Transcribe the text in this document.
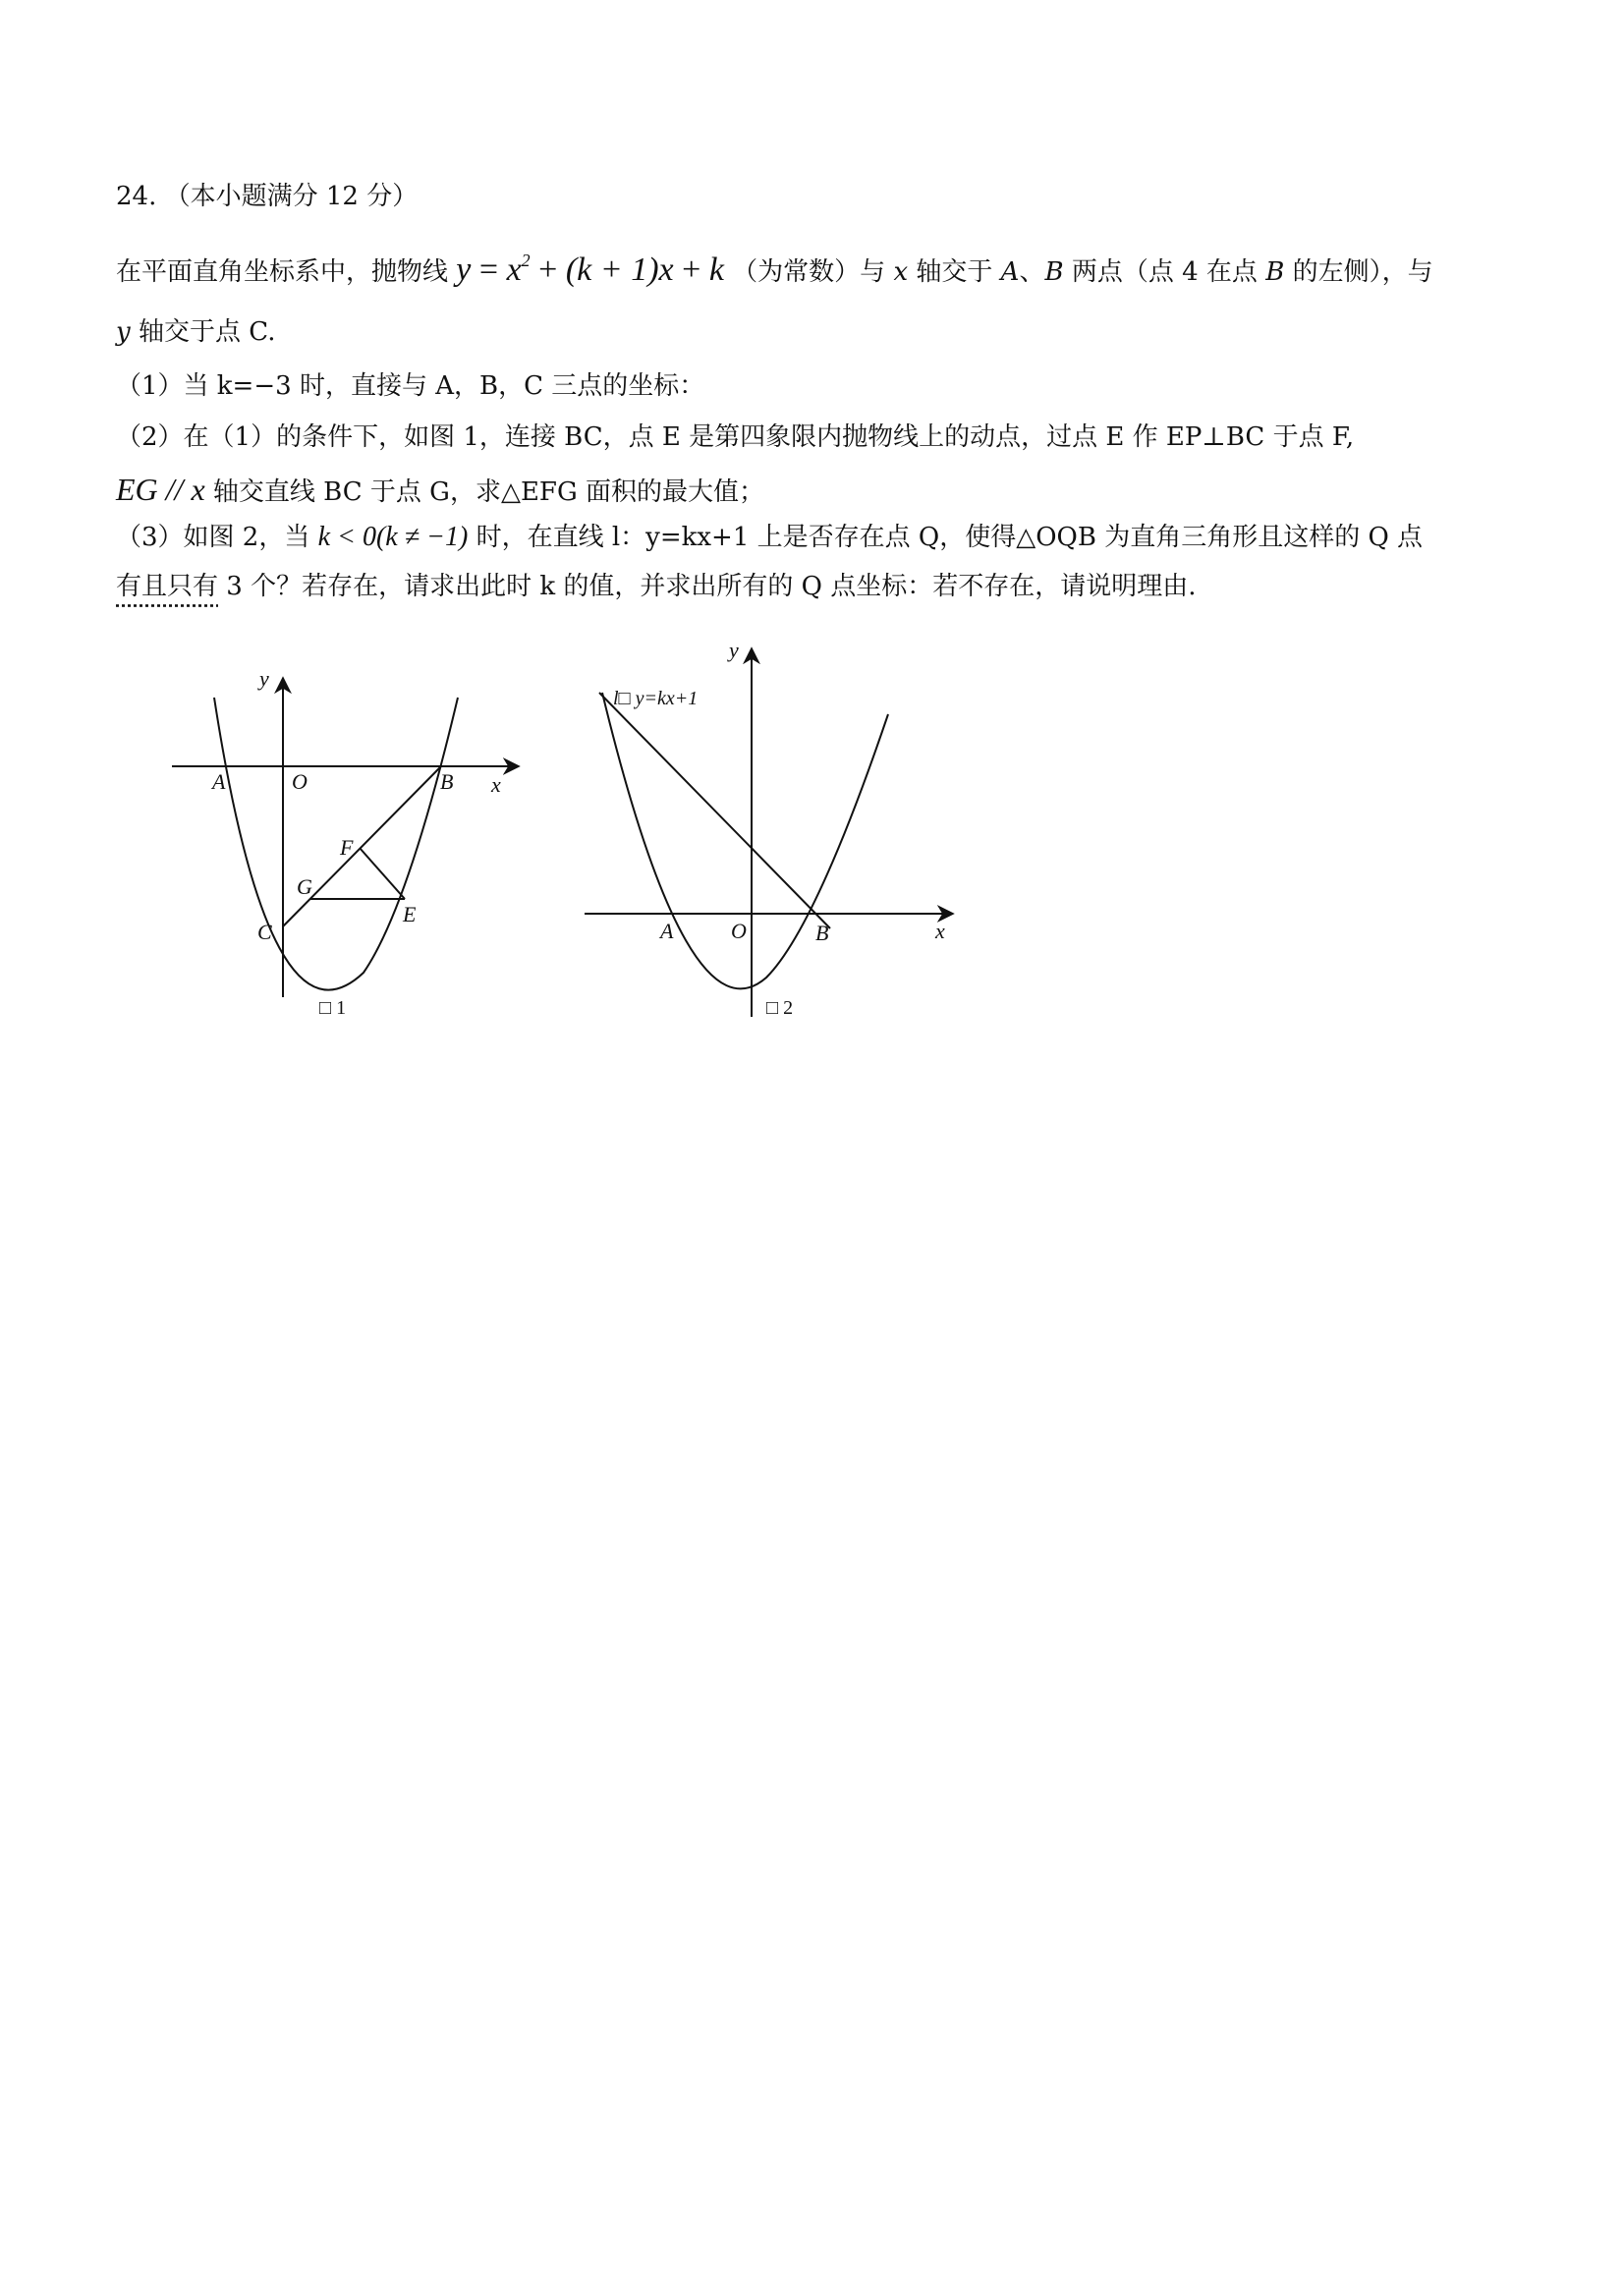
24. （本小题满分 12 分）
在平面直角坐标系中，抛物线 $y = x^2 + (k + 1)x + k$ （为常数）与 x 轴交于 A、B 两点（点 4 在点 B 的左侧），与
y 轴交于点 C.
（1）当 k=−3 时，直接与 A，B，C 三点的坐标：
（2）在（1）的条件下，如图 1，连接 BC，点 E 是第四象限内抛物线上的动点，过点 E 作 EP⊥BC 于点 F,
EG // x 轴交直线 BC 于点 G，求△EFG 面积的最大值；
（3）如图 2，当 k < 0(k ≠ −1) 时，在直线 l：y=kx+1 上是否存在点 Q，使得△OQB 为直角三角形且这样的 Q 点
有且只有 3 个？若存在，请求出此时 k 的值，并求出所有的 Q 点坐标：若不存在，请说明理由.
y
x
A	O	B
F
G
E
C
□ 1
l□ y=kx+1
y
x
A	O	B
□ 2
